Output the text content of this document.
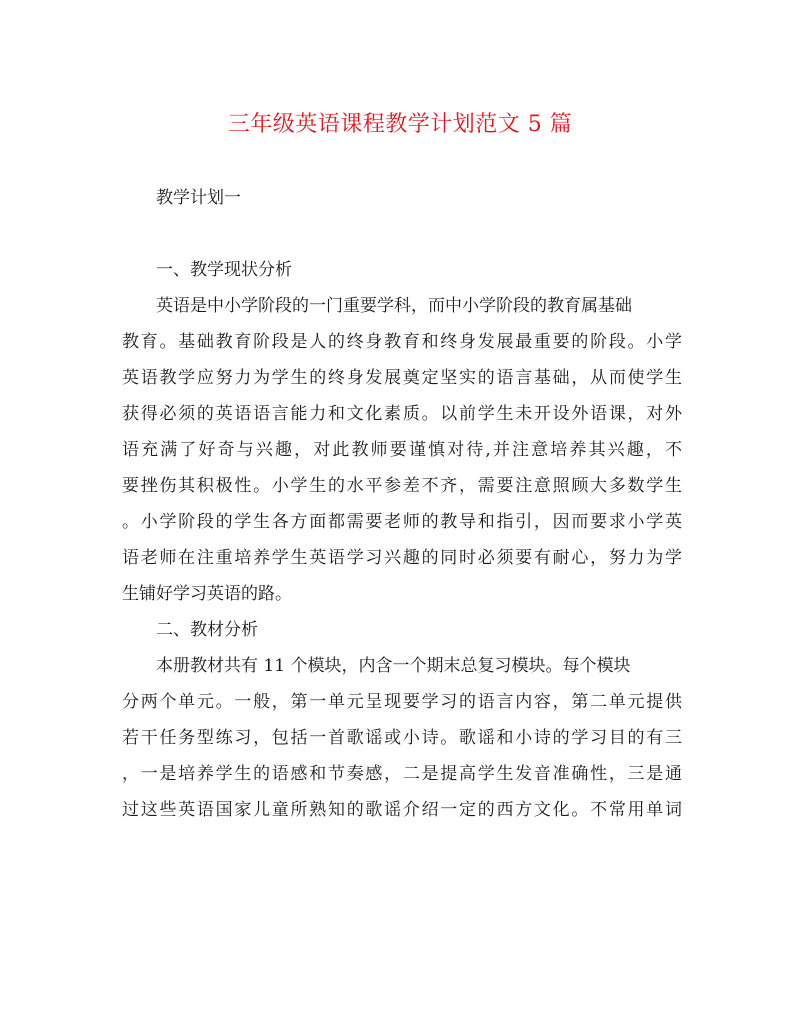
三年级英语课程教学计划范文 5 篇

教学计划一

一、教学现状分析

英语是中小学阶段的一门重要学科，而中小学阶段的教育属基础

教育。基础教育阶段是人的终身教育和终身发展最重要的阶段。小学

英语教学应努力为学生的终身发展奠定坚实的语言基础，从而使学生

获得必须的英语语言能力和文化素质。以前学生未开设外语课，对外

语充满了好奇与兴趣，对此教师要谨慎对待,并注意培养其兴趣，不

要挫伤其积极性。小学生的水平参差不齐，需要注意照顾大多数学生

。小学阶段的学生各方面都需要老师的教导和指引，因而要求小学英

语老师在注重培养学生英语学习兴趣的同时必须要有耐心，努力为学

生铺好学习英语的路。

二、教材分析

本册教材共有 11 个模块，内含一个期末总复习模块。每个模块

分两个单元。一般，第一单元呈现要学习的语言内容，第二单元提供

若干任务型练习，包括一首歌谣或小诗。歌谣和小诗的学习目的有三

，一是培养学生的语感和节奏感，二是提高学生发音准确性，三是通

过这些英语国家儿童所熟知的歌谣介绍一定的西方文化。不常用单词
